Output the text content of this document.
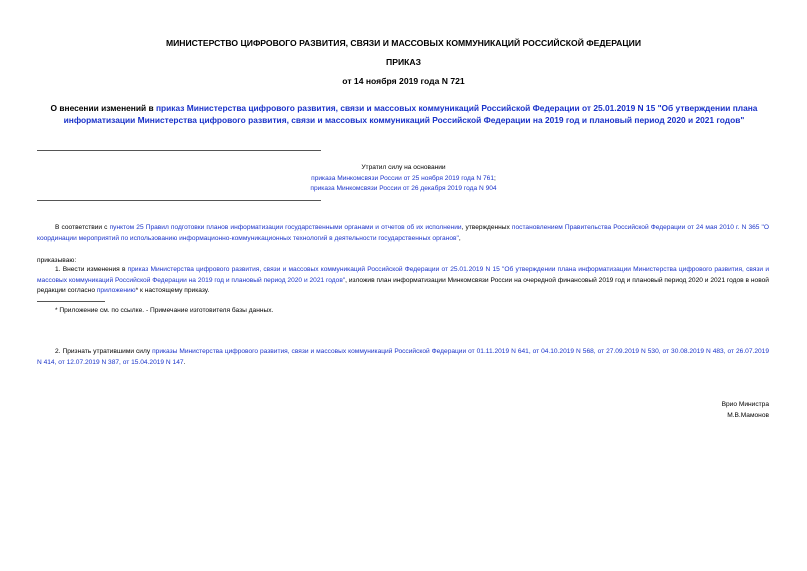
МИНИСТЕРСТВО ЦИФРОВОГО РАЗВИТИЯ, СВЯЗИ И МАССОВЫХ КОММУНИКАЦИЙ РОССИЙСКОЙ ФЕДЕРАЦИИ
ПРИКАЗ
от 14 ноября 2019 года N 721
О внесении изменений в приказ Министерства цифрового развития, связи и массовых коммуникаций Российской Федерации от 25.01.2019 N 15 "Об утверждении плана информатизации Министерства цифрового развития, связи и массовых коммуникаций Российской Федерации на 2019 год и плановый период 2020 и 2021 годов"
Утратил силу на основании
приказа Минкомсвязи России от 25 ноября 2019 года N 761;
приказа Минкомсвязи России от 26 декабря 2019 года N 904
В соответствии с пунктом 25 Правил подготовки планов информатизации государственными органами и отчетов об их исполнении, утвержденных постановлением Правительства Российской Федерации от 24 мая 2010 г. N 365 "О координации мероприятий по использованию информационно-коммуникационных технологий в деятельности государственных органов",
приказываю:
1. Внести изменения в приказ Министерства цифрового развития, связи и массовых коммуникаций Российской Федерации от 25.01.2019 N 15 "Об утверждении плана информатизации Министерства цифрового развития, связи и массовых коммуникаций Российской Федерации на 2019 год и плановый период 2020 и 2021 годов", изложив план информатизации Минкомсвязи России на очередной финансовый 2019 год и плановый период 2020 и 2021 годов в новой редакции согласно приложению* к настоящему приказу.
* Приложение см. по ссылке. - Примечание изготовителя базы данных.
2. Признать утратившими силу приказы Министерства цифрового развития, связи и массовых коммуникаций Российской Федерации от 01.11.2019 N 641, от 04.10.2019 N 568, от 27.09.2019 N 530, от 30.08.2019 N 483, от 26.07.2019 N 414, от 12.07.2019 N 387, от 15.04.2019 N 147.
Врио Министра
М.В.Мамонов
